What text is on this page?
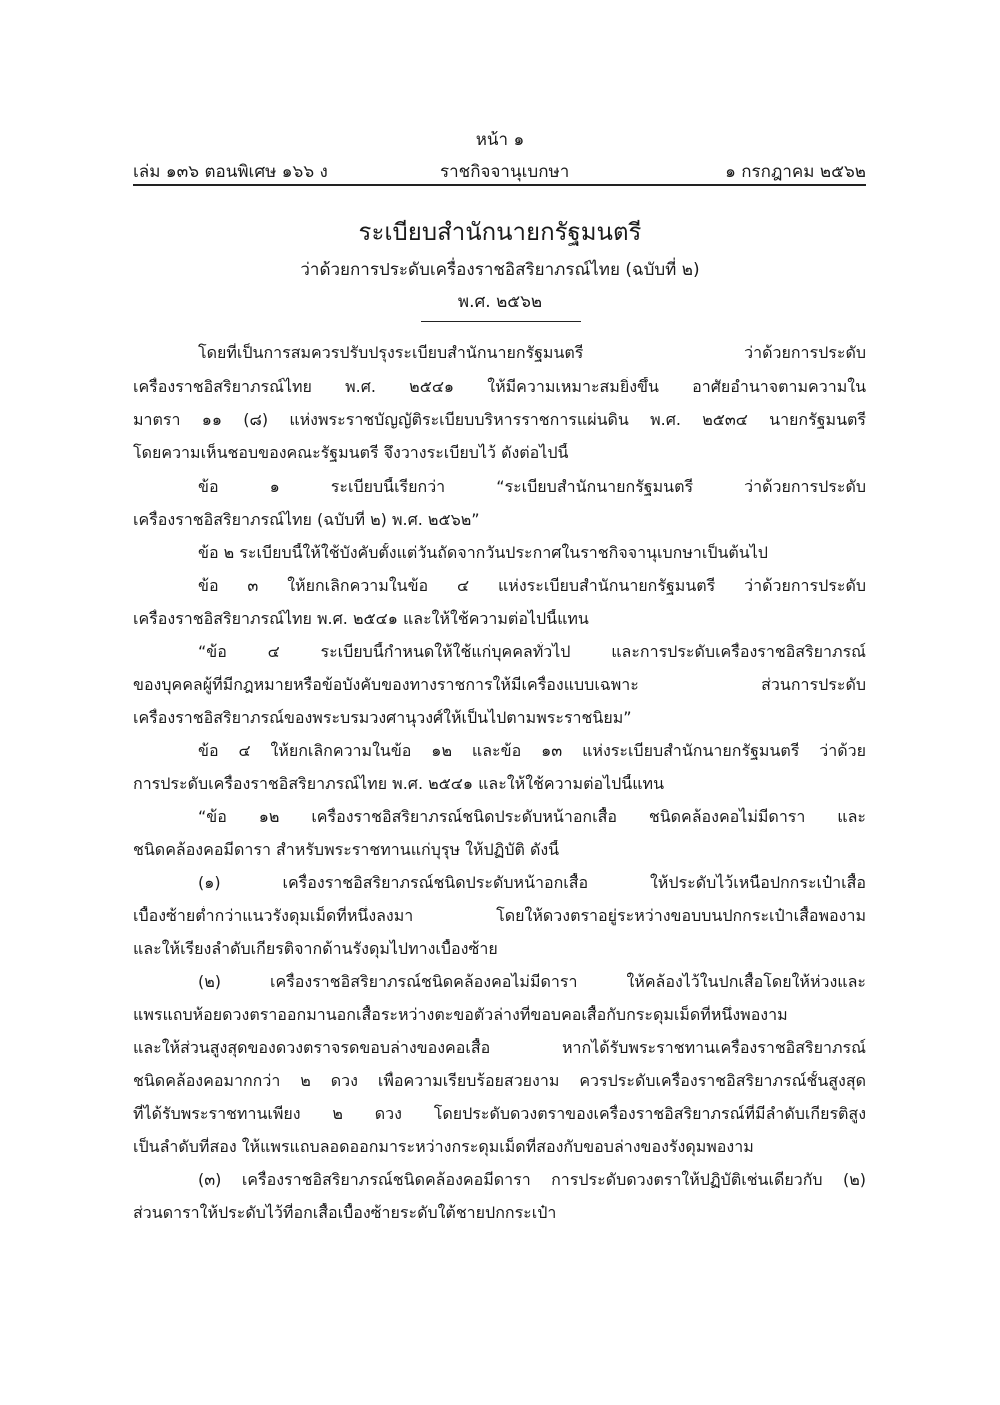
หน้า ๑
เล่ม ๑๓๖ ตอนพิเศษ ๑๖๖ ง	ราชกิจจานุเบกษา	๑ กรกฎาคม ๒๕๖๒
ระเบียบสำนักนายกรัฐมนตรี
ว่าด้วยการประดับเครื่องราชอิสริยาภรณ์ไทย (ฉบับที่ ๒)
พ.ศ. ๒๕๖๒
โดยที่เป็นการสมควรปรับปรุงระเบียบสำนักนายกรัฐมนตรี ว่าด้วยการประดับ
เครื่องราชอิสริยาภรณ์ไทย พ.ศ. ๒๕๔๑ ให้มีความเหมาะสมยิ่งขึ้น อาศัยอำนาจตามความใน
มาตรา ๑๑ (๘) แห่งพระราชบัญญัติระเบียบบริหารราชการแผ่นดิน พ.ศ. ๒๕๓๔ นายกรัฐมนตรี
โดยความเห็นชอบของคณะรัฐมนตรี จึงวางระเบียบไว้ ดังต่อไปนี้
ข้อ ๑ ระเบียบนี้เรียกว่า “ระเบียบสำนักนายกรัฐมนตรี ว่าด้วยการประดับ
เครื่องราชอิสริยาภรณ์ไทย (ฉบับที่ ๒) พ.ศ. ๒๕๖๒”
ข้อ ๒ ระเบียบนี้ให้ใช้บังคับตั้งแต่วันถัดจากวันประกาศในราชกิจจานุเบกษาเป็นต้นไป
ข้อ ๓ ให้ยกเลิกความในข้อ ๔ แห่งระเบียบสำนักนายกรัฐมนตรี ว่าด้วยการประดับ
เครื่องราชอิสริยาภรณ์ไทย พ.ศ. ๒๕๔๑ และให้ใช้ความต่อไปนี้แทน
“ข้อ ๔ ระเบียบนี้กำหนดให้ใช้แก่บุคคลทั่วไป และการประดับเครื่องราชอิสริยาภรณ์
ของบุคคลผู้ที่มีกฎหมายหรือข้อบังคับของทางราชการให้มีเครื่องแบบเฉพาะ ส่วนการประดับ
เครื่องราชอิสริยาภรณ์ของพระบรมวงศานุวงศ์ให้เป็นไปตามพระราชนิยม”
ข้อ ๔ ให้ยกเลิกความในข้อ ๑๒ และข้อ ๑๓ แห่งระเบียบสำนักนายกรัฐมนตรี ว่าด้วย
การประดับเครื่องราชอิสริยาภรณ์ไทย พ.ศ. ๒๕๔๑ และให้ใช้ความต่อไปนี้แทน
“ข้อ ๑๒ เครื่องราชอิสริยาภรณ์ชนิดประดับหน้าอกเสื้อ ชนิดคล้องคอไม่มีดารา และ
ชนิดคล้องคอมีดารา สำหรับพระราชทานแก่บุรุษ ให้ปฏิบัติ ดังนี้
(๑) เครื่องราชอิสริยาภรณ์ชนิดประดับหน้าอกเสื้อ ให้ประดับไว้เหนือปกกระเป๋าเสื้อ
เบื้องซ้ายต่ำกว่าแนวรังดุมเม็ดที่หนึ่งลงมา โดยให้ดวงตราอยู่ระหว่างขอบบนปกกระเป๋าเสื้อพองาม
และให้เรียงลำดับเกียรติจากด้านรังดุมไปทางเบื้องซ้าย
(๒) เครื่องราชอิสริยาภรณ์ชนิดคล้องคอไม่มีดารา ให้คล้องไว้ในปกเสื้อโดยให้ห่วงและ
แพรแถบห้อยดวงตราออกมานอกเสื้อระหว่างตะขอตัวล่างที่ขอบคอเสื้อกับกระดุมเม็ดที่หนึ่งพองาม
และให้ส่วนสูงสุดของดวงตราจรดขอบล่างของคอเสื้อ หากได้รับพระราชทานเครื่องราชอิสริยาภรณ์
ชนิดคล้องคอมากกว่า ๒ ดวง เพื่อความเรียบร้อยสวยงาม ควรประดับเครื่องราชอิสริยาภรณ์ชั้นสูงสุด
ที่ได้รับพระราชทานเพียง ๒ ดวง โดยประดับดวงตราของเครื่องราชอิสริยาภรณ์ที่มีลำดับเกียรติสูง
เป็นลำดับที่สอง ให้แพรแถบลอดออกมาระหว่างกระดุมเม็ดที่สองกับขอบล่างของรังดุมพองาม
(๓) เครื่องราชอิสริยาภรณ์ชนิดคล้องคอมีดารา การประดับดวงตราให้ปฏิบัติเช่นเดียวกับ (๒)
ส่วนดาราให้ประดับไว้ที่อกเสื้อเบื้องซ้ายระดับใต้ชายปกกระเป๋า
